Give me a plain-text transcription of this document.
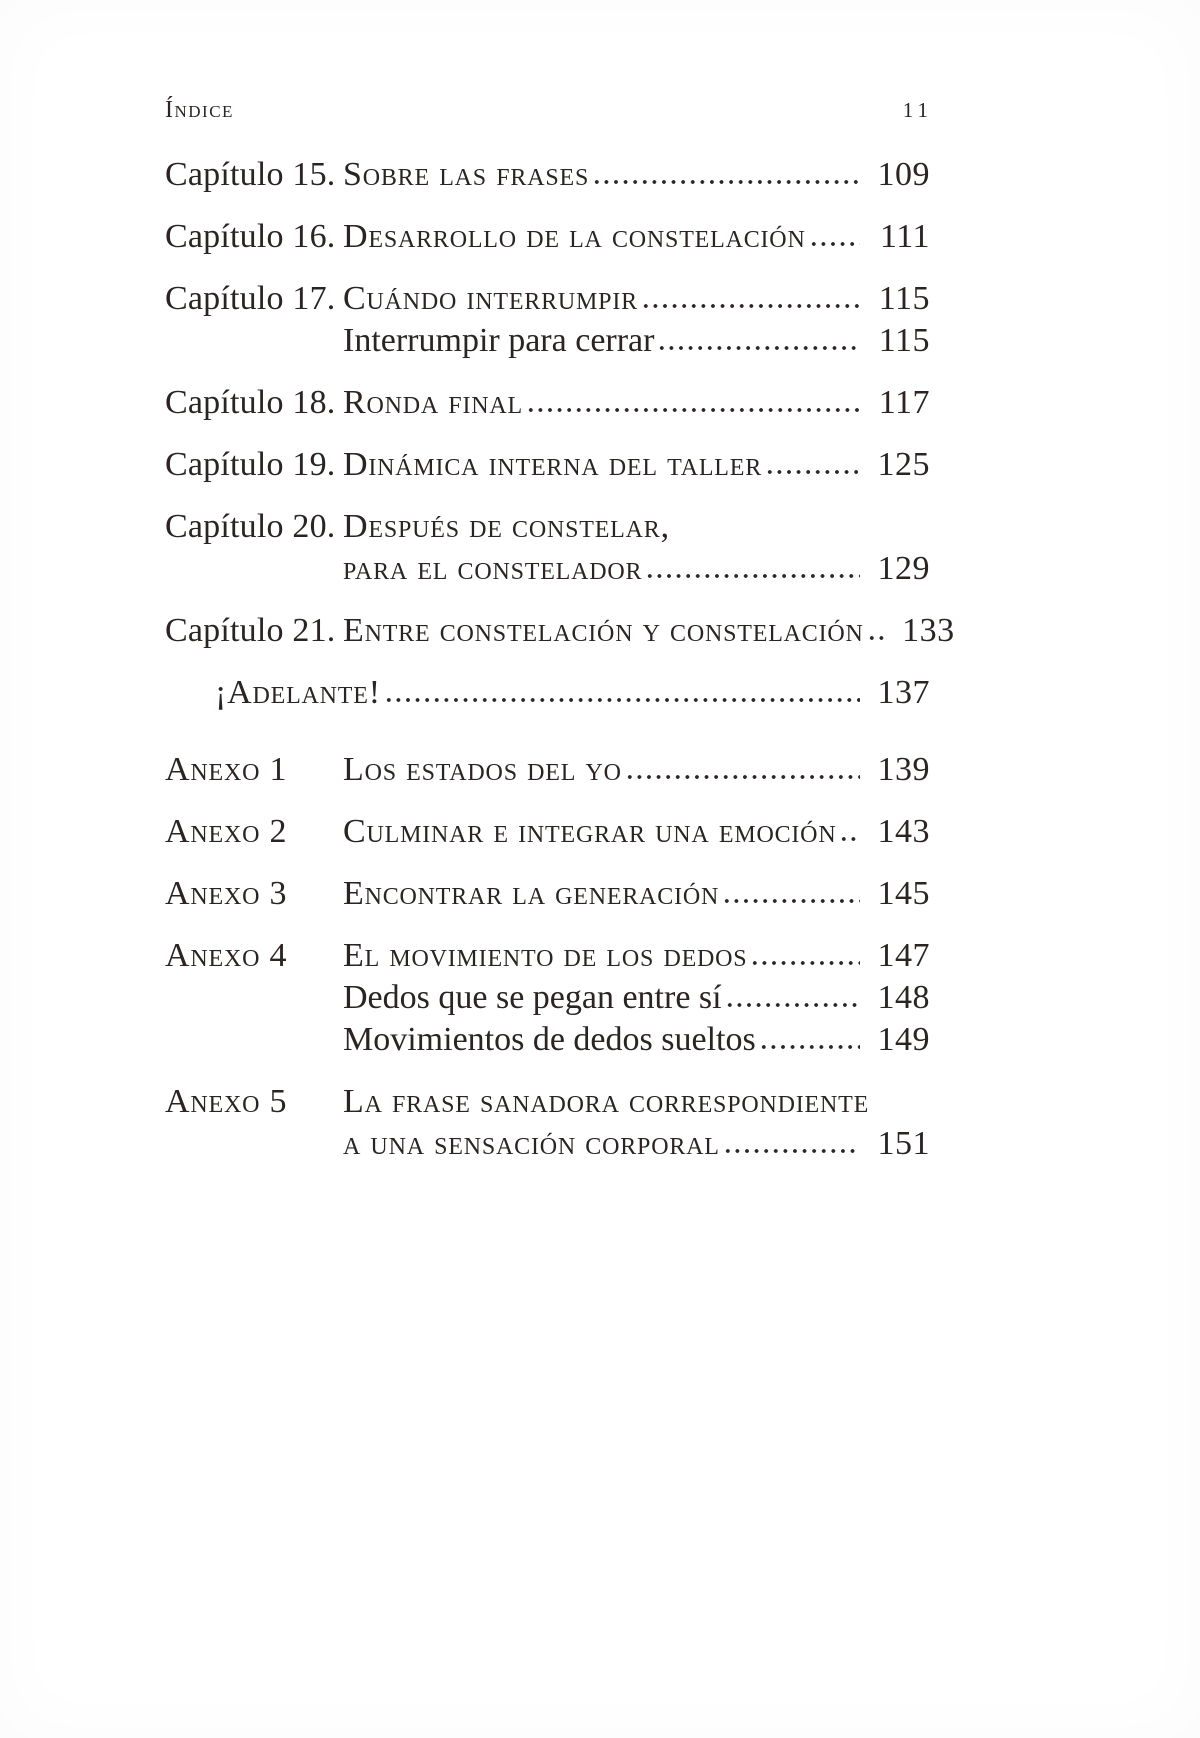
Índice	11
Capítulo 15. Sobre las frases	109
Capítulo 16. Desarrollo de la constelación	111
Capítulo 17. Cuándo interrumpir	115
Interrumpir para cerrar	115
Capítulo 18. Ronda final	117
Capítulo 19. Dinámica interna del taller	125
Capítulo 20. Después de constelar,
para el constelador	129
Capítulo 21. Entre constelación y constelación	133
¡Adelante!	137
Anexo 1	Los estados del yo	139
Anexo 2	Culminar e integrar una emoción	143
Anexo 3	Encontrar la generación	145
Anexo 4	El movimiento de los dedos	147
Dedos que se pegan entre sí	148
Movimientos de dedos sueltos	149
Anexo 5	La frase sanadora correspondiente
a una sensación corporal	151
